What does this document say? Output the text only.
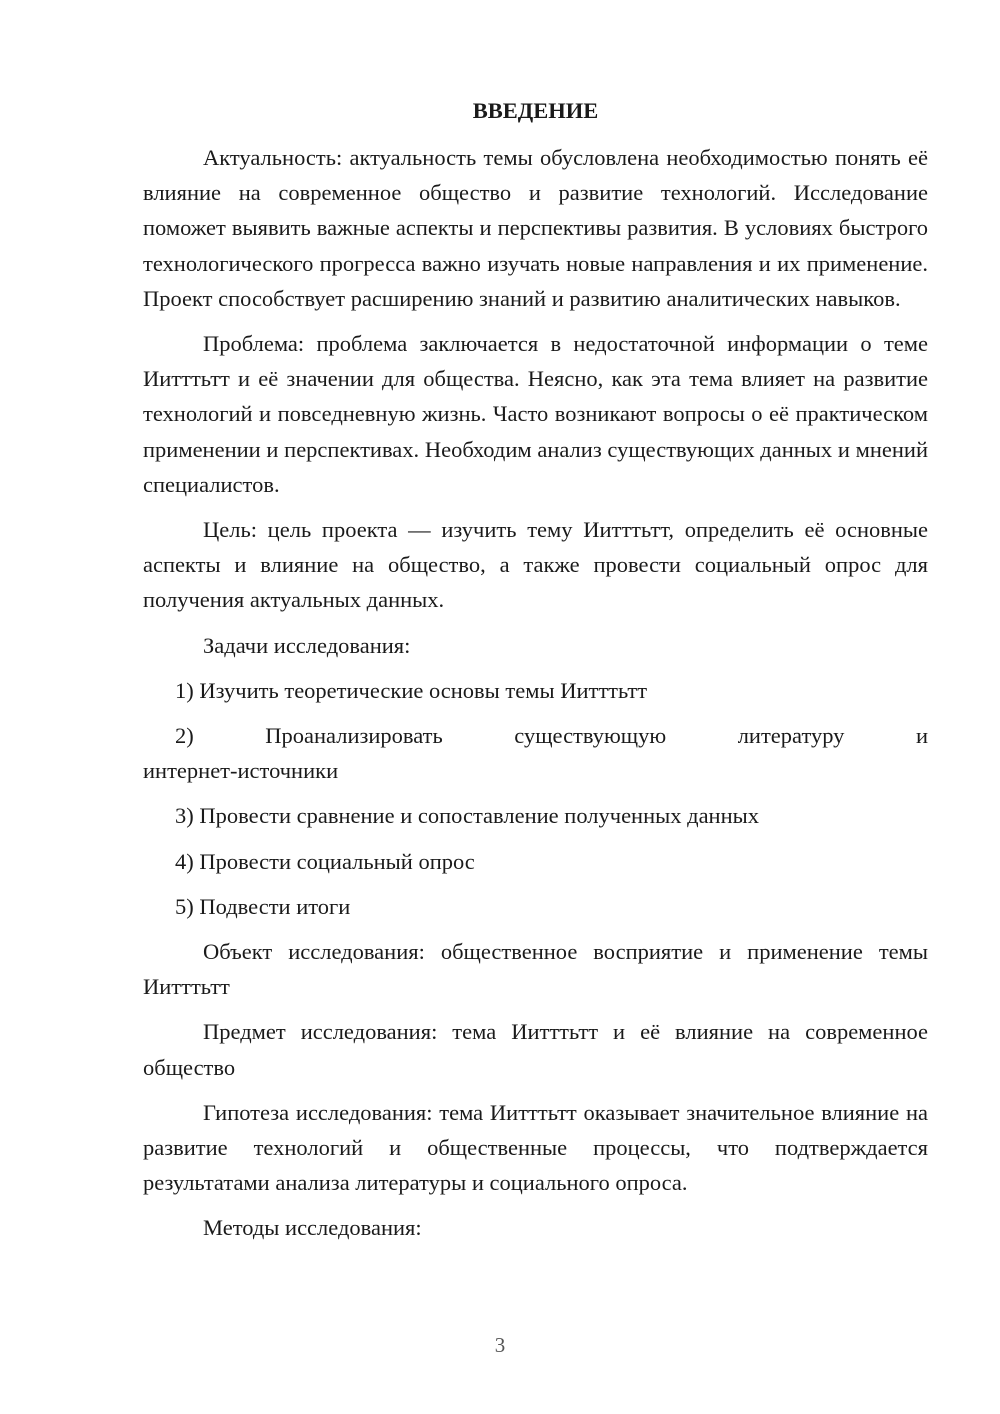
ВВЕДЕНИЕ

Актуальность: актуальность темы обусловлена необходимостью понять её влияние на современное общество и развитие технологий. Исследование поможет выявить важные аспекты и перспективы развития. В условиях быстрого технологического прогресса важно изучать новые направления и их применение. Проект способствует расширению знаний и развитию аналитических навыков.

Проблема: проблема заключается в недостаточной информации о теме Иитттьтт и её значении для общества. Неясно, как эта тема влияет на развитие технологий и повседневную жизнь. Часто возникают вопросы о её практическом применении и перспективах. Необходим анализ существующих данных и мнений специалистов.

Цель: цель проекта — изучить тему Иитттьтт, определить её основные аспекты и влияние на общество, а также провести социальный опрос для получения актуальных данных.

Задачи исследования:

1) Изучить теоретические основы темы Иитттьтт

2) Проанализировать существующую литературу и интернет-источники

3) Провести сравнение и сопоставление полученных данных

4) Провести социальный опрос

5) Подвести итоги

Объект исследования: общественное восприятие и применение темы Иитттьтт

Предмет исследования: тема Иитттьтт и её влияние на современное общество

Гипотеза исследования: тема Иитттьтт оказывает значительное влияние на развитие технологий и общественные процессы, что подтверждается результатами анализа литературы и социального опроса.

Методы исследования:

3
